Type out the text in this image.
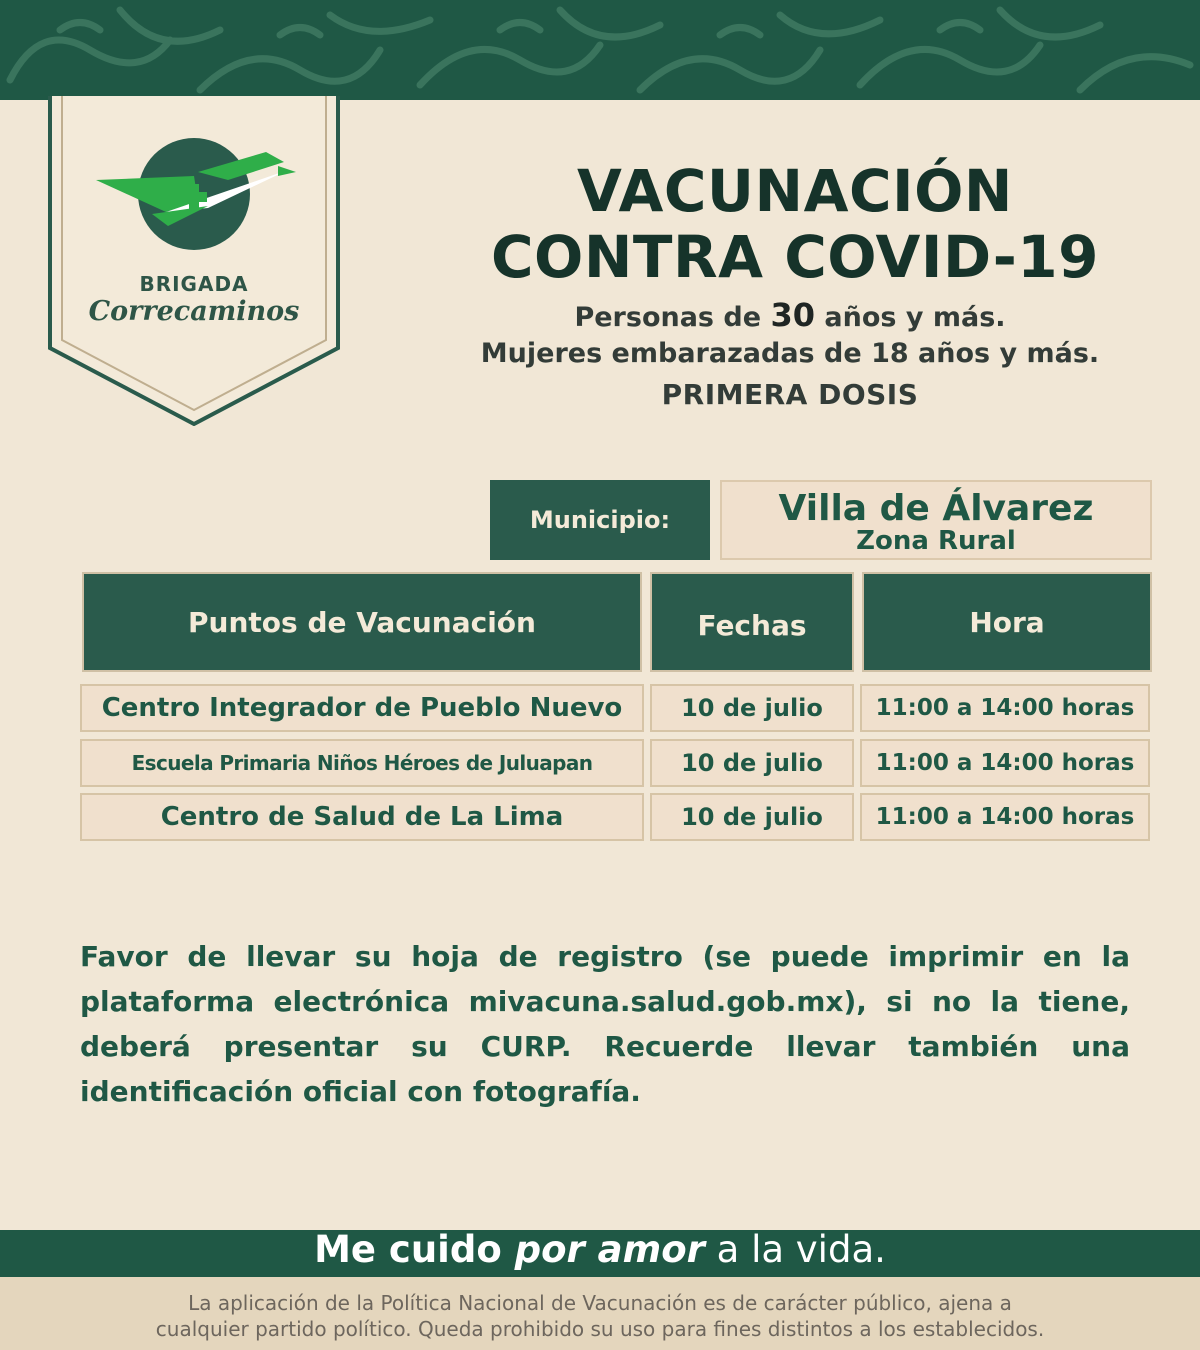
BRIGADA
Correcaminos
VACUNACIÓN
CONTRA COVID-19
Personas de 30 años y más.
Mujeres embarazadas de 18 años y más.
PRIMERA DOSIS
Municipio:	Villa de Álvarez
Zona Rural
Puntos de Vacunación	Fechas	Hora
Centro Integrador de Pueblo Nuevo	10 de julio	11:00 a 14:00 horas
Escuela Primaria Niños Héroes de Juluapan	10 de julio	11:00 a 14:00 horas
Centro de Salud de La Lima	10 de julio	11:00 a 14:00 horas
Favor de llevar su hoja de registro (se puede imprimir en la plataforma electrónica mivacuna.salud.gob.mx), si no la tiene, deberá presentar su CURP. Recuerde llevar también una identificación oficial con fotografía.
Me cuido por amor a la vida.
La aplicación de la Política Nacional de Vacunación es de carácter público, ajena a
cualquier partido político. Queda prohibido su uso para fines distintos a los establecidos.
